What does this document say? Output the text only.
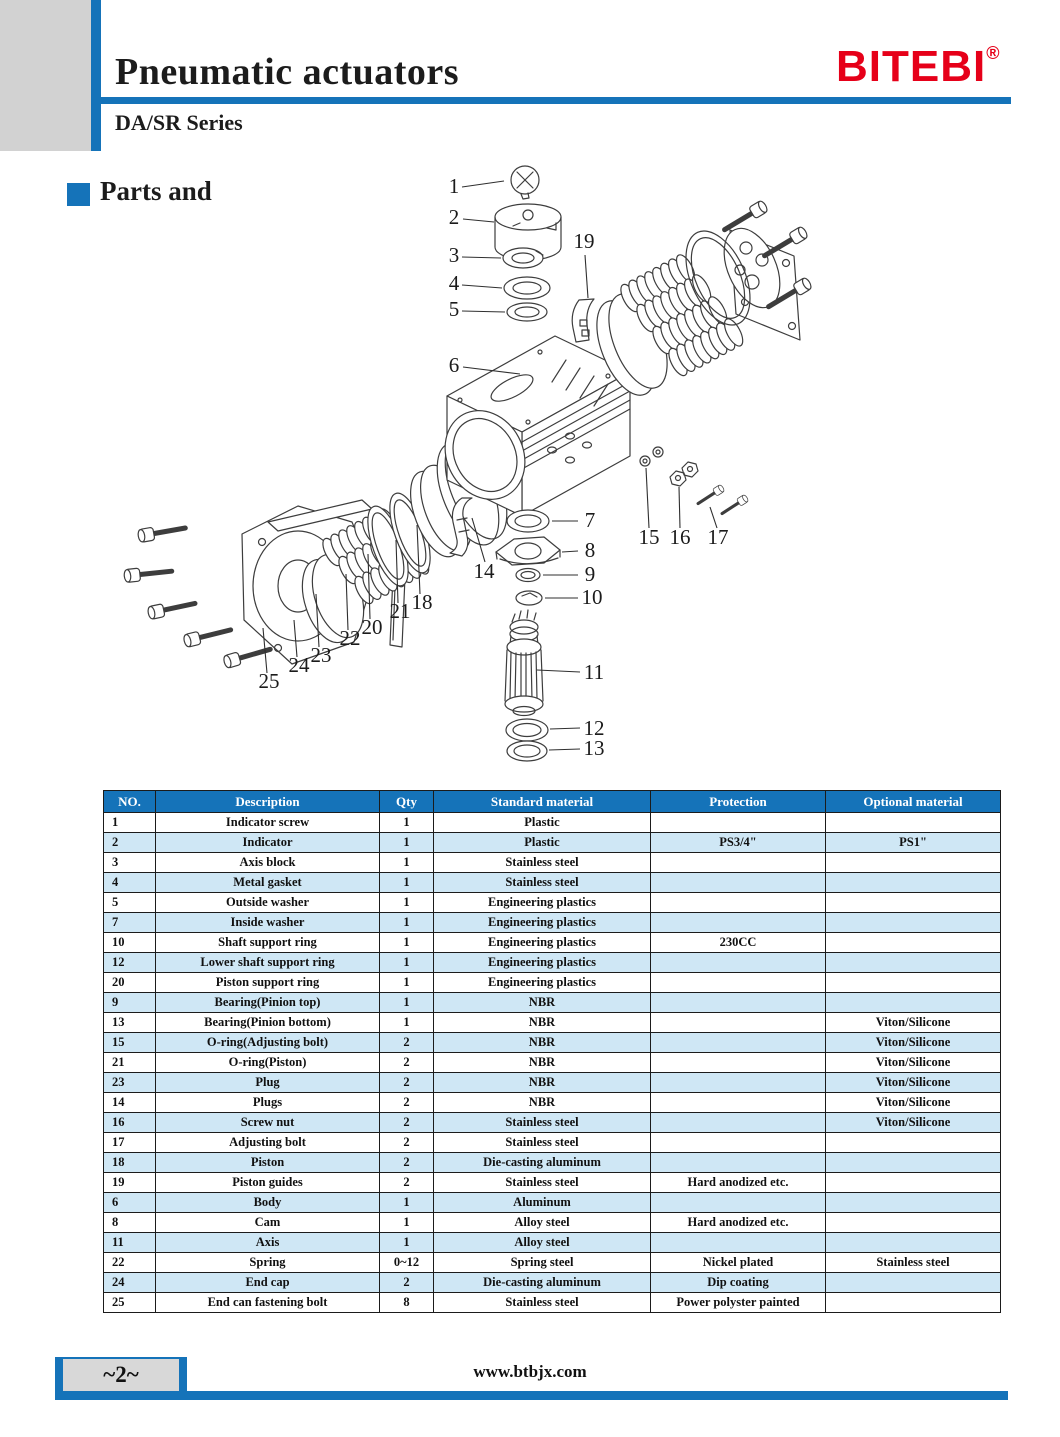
Pneumatic actuators	BITEBI®
DA/SR Series
Parts and	1
2
3
4
5
19
6
7
8
9
10
11
12
13
14
15 16 17
18
21
20
22
23
24
25
NO.	Description	Qty	Standard material	Protection	Optional material
1	Indicator screw	1	Plastic		
2	Indicator	1	Plastic	PS3/4"	PS1"
3	Axis block	1	Stainless steel		
4	Metal gasket	1	Stainless steel		
5	Outside washer	1	Engineering plastics		
7	Inside washer	1	Engineering plastics		
10	Shaft support ring	1	Engineering plastics	230CC	
12	Lower shaft support ring	1	Engineering plastics		
20	Piston support ring	1	Engineering plastics		
9	Bearing(Pinion top)	1	NBR		
13	Bearing(Pinion bottom)	1	NBR		Viton/Silicone
15	O-ring(Adjusting bolt)	2	NBR		Viton/Silicone
21	O-ring(Piston)	2	NBR		Viton/Silicone
23	Plug	2	NBR		Viton/Silicone
14	Plugs	2	NBR		Viton/Silicone
16	Screw nut	2	Stainless steel		Viton/Silicone
17	Adjusting bolt	2	Stainless steel		
18	Piston	2	Die-casting aluminum		
19	Piston guides	2	Stainless steel	Hard anodized etc.	
6	Body	1	Aluminum		
8	Cam	1	Alloy steel	Hard anodized etc.	
11	Axis	1	Alloy steel		
22	Spring	0~12	Spring steel	Nickel plated	Stainless steel
24	End cap	2	Die-casting aluminum	Dip coating	
25	End can fastening bolt	8	Stainless steel	Power polyster painted	
~2~	www.btbjx.com
